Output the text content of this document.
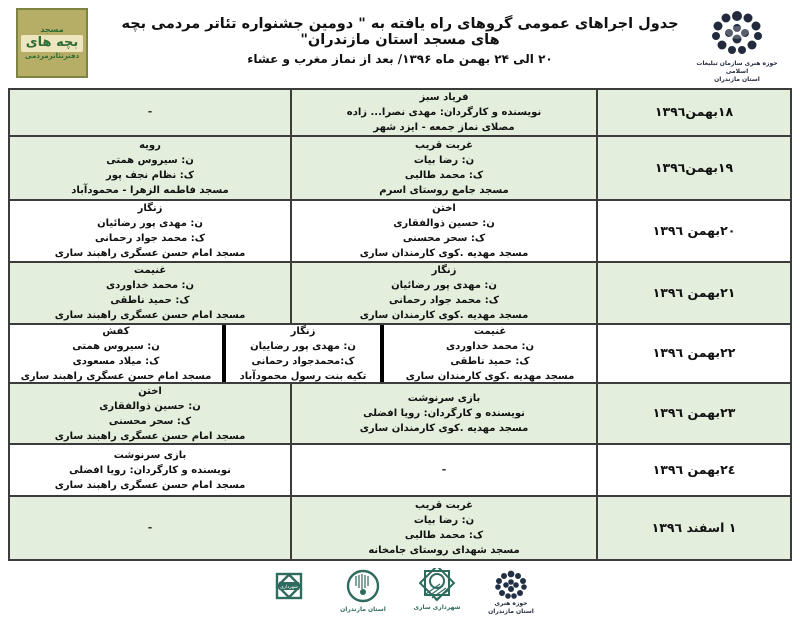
مسجد
بچه های
دفترتئاترمردمی
جدول اجراهای عمومی گروهای راه یافته به " دومین جشنواره تئاتر مردمی بچه های مسجد استان مازندران"
۲۰ الی ۲۴ بهمن ماه ۱۳۹۶/ بعد از نماز مغرب و عشاء	حوزه هنری سازمان تبلیغات اسلامی
استان مازندران
١٨بهمن١٣٩٦
فریاد سبز
نویسنده و کارگردان: مهدی نصرا... زاده
مصلای نماز جمعه - ایزد شهر
-
١٩بهمن١٣٩٦
غربت قریب
ن: رضا بیات
ک: محمد طالبی
مسجد جامع روستای اسرم
رویه
ن: سیروس همتی
ک: نظام نجف پور
مسجد فاطمه الزهرا - محمودآباد
٢٠بهمن ١٣٩٦
اختن
ن: حسین ذوالفقاری
ک: سحر محسنی
مسجد مهدیه .کوی کارمندان ساری
زنگار
ن: مهدی پور رضائیان
ک: محمد جواد رحمانی
مسجد امام حسن عسگری راهبند ساری
٢١بهمن ١٣٩٦
زنگار
ن: مهدی پور رضائیان
ک: محمد جواد رحمانی
مسجد مهدیه .کوی کارمندان ساری
غنیمت
ن: محمد خداوردی
ک: حمید ناطقی
مسجد امام حسن عسگری راهبند ساری
٢٢بهمن ١٣٩٦
غنیمت
ن: محمد خداوردی
ک: حمید ناطقی
مسجد مهدیه .کوی کارمندان ساری
زنگار
ن: مهدی پور رضاییان
ک:محمدجواد رحمانی
تکیه بنت رسول محمودآباد
کفش
ن: سیروس همتی
ک: میلاد مسعودی
مسجد امام حسن عسگری راهبند ساری
٢٣بهمن ١٣٩٦
بازی سرنوشت
نویسنده و کارگردان: رویا افضلی
مسجد مهدیه .کوی کارمندان ساری
اختن
ن: حسین ذوالفقاری
ک: سحر محسنی
مسجد امام حسن عسگری راهبند ساری
٢٤بهمن ١٣٩٦
-
بازی سرنوشت
نویسنده و کارگردان: رویا افضلی
مسجد امام حسن عسگری راهبند ساری
١ اسفند ١٣٩٦
غربت قریب
ن: رضا بیات
ک: محمد طالبی
مسجد شهدای روستای جامخانه
-
شهرداری
استان مازندران	شهرداری ساری
حوزه هنری
استان مازندران
